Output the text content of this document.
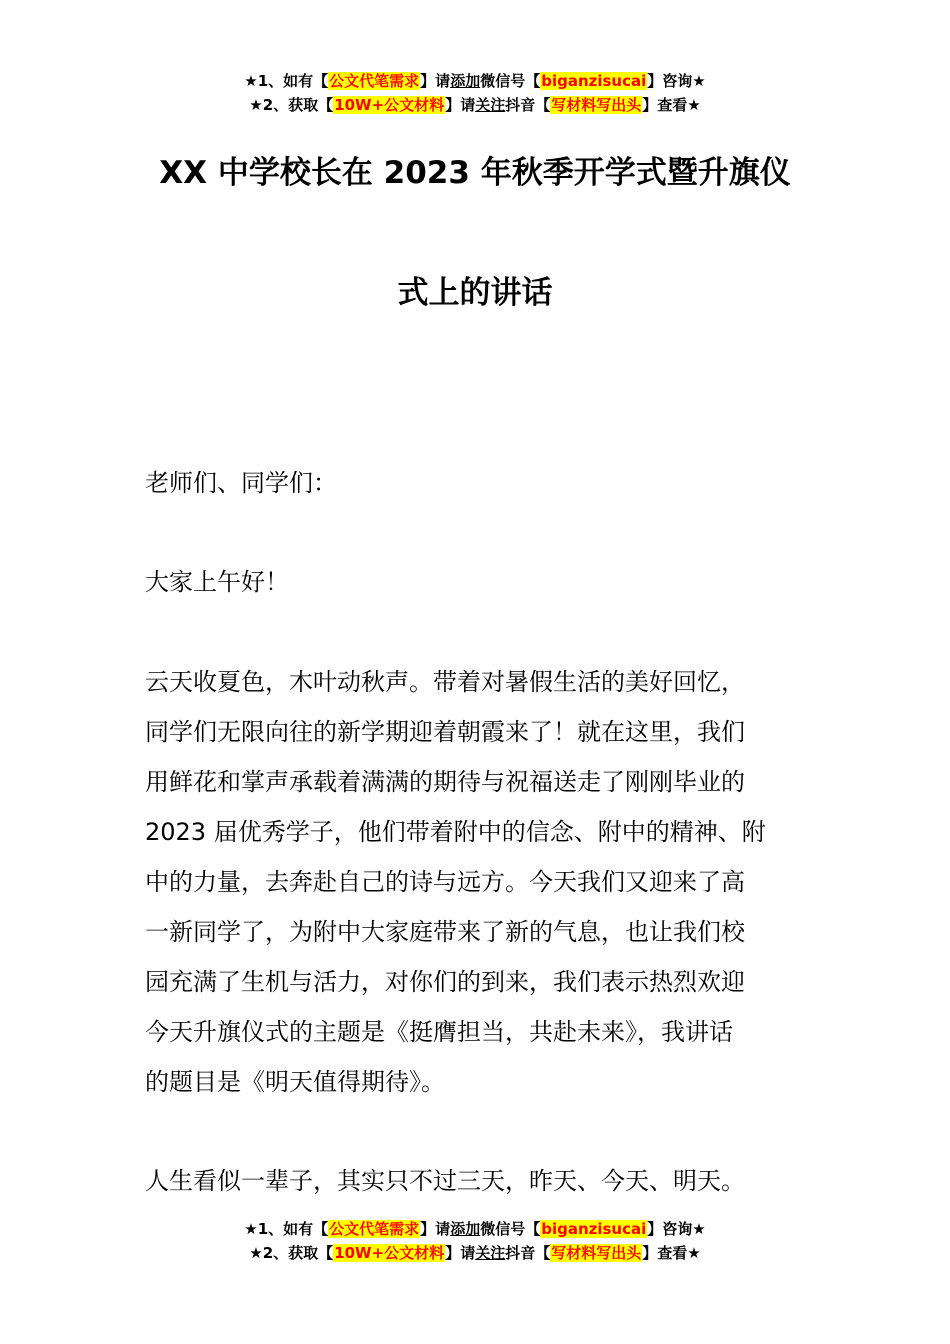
★1、如有【公文代笔需求】请添加微信号【biganzisucai】咨询★
★2、获取【10W+公文材料】请关注抖音【写材料写出头】查看★
XX 中学校长在 2023 年秋季开学式暨升旗仪
式上的讲话

老师们、同学们：

大家上午好！

云天收夏色，木叶动秋声。带着对暑假生活的美好回忆，
同学们无限向往的新学期迎着朝霞来了！就在这里，我们
用鲜花和掌声承载着满满的期待与祝福送走了刚刚毕业的
2023 届优秀学子，他们带着附中的信念、附中的精神、附
中的力量，去奔赴自己的诗与远方。今天我们又迎来了高
一新同学了，为附中大家庭带来了新的气息，也让我们校
园充满了生机与活力，对你们的到来，我们表示热烈欢迎
今天升旗仪式的主题是《挺膺担当，共赴未来》，我讲话
的题目是《明天值得期待》。

人生看似一辈子，其实只不过三天，昨天、今天、明天。

★1、如有【公文代笔需求】请添加微信号【biganzisucai】咨询★
★2、获取【10W+公文材料】请关注抖音【写材料写出头】查看★
